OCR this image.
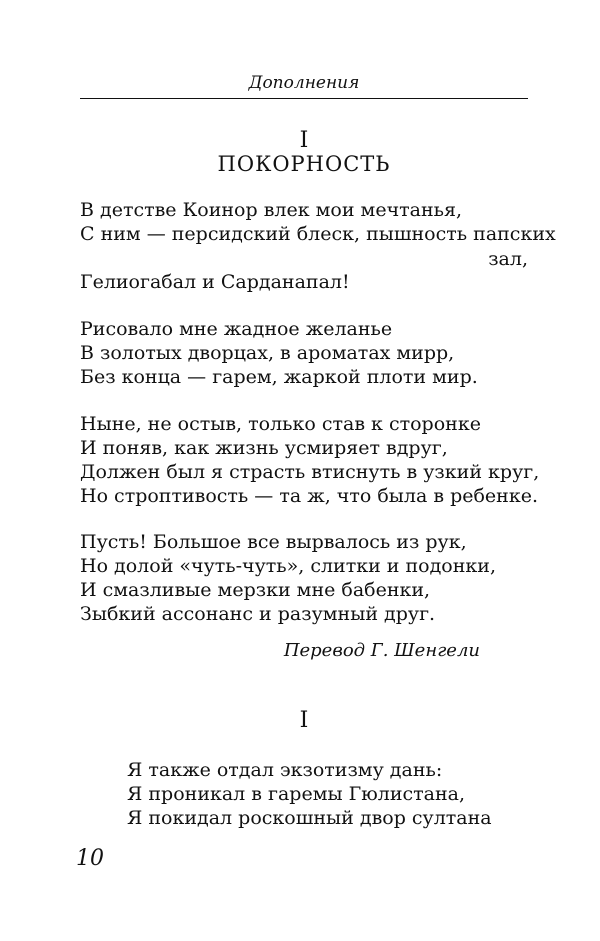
Дополнения
I
ПОКОРНОСТЬ
В детстве Коинор влек мои мечтанья,
С ним — персидский блеск, пышность папских
зал,
Гелиогабал и Сарданапал!
Рисовало мне жадное желанье
В золотых дворцах, в ароматах мирр,
Без конца — гарем, жаркой плоти мир.
Ныне, не остыв, только став к сторонке
И поняв, как жизнь усмиряет вдруг,
Должен был я страсть втиснуть в узкий круг,
Но строптивость — та ж, что была в ребенке.
Пусть! Большое все вырвалось из рук,
Но долой «чуть-чуть», слитки и подонки,
И смазливые мерзки мне бабенки,
Зыбкий ассонанс и разумный друг.
Перевод Г. Шенгели
I
Я также отдал экзотизму дань:
Я проникал в гаремы Гюлистана,
Я покидал роскошный двор султана
10
